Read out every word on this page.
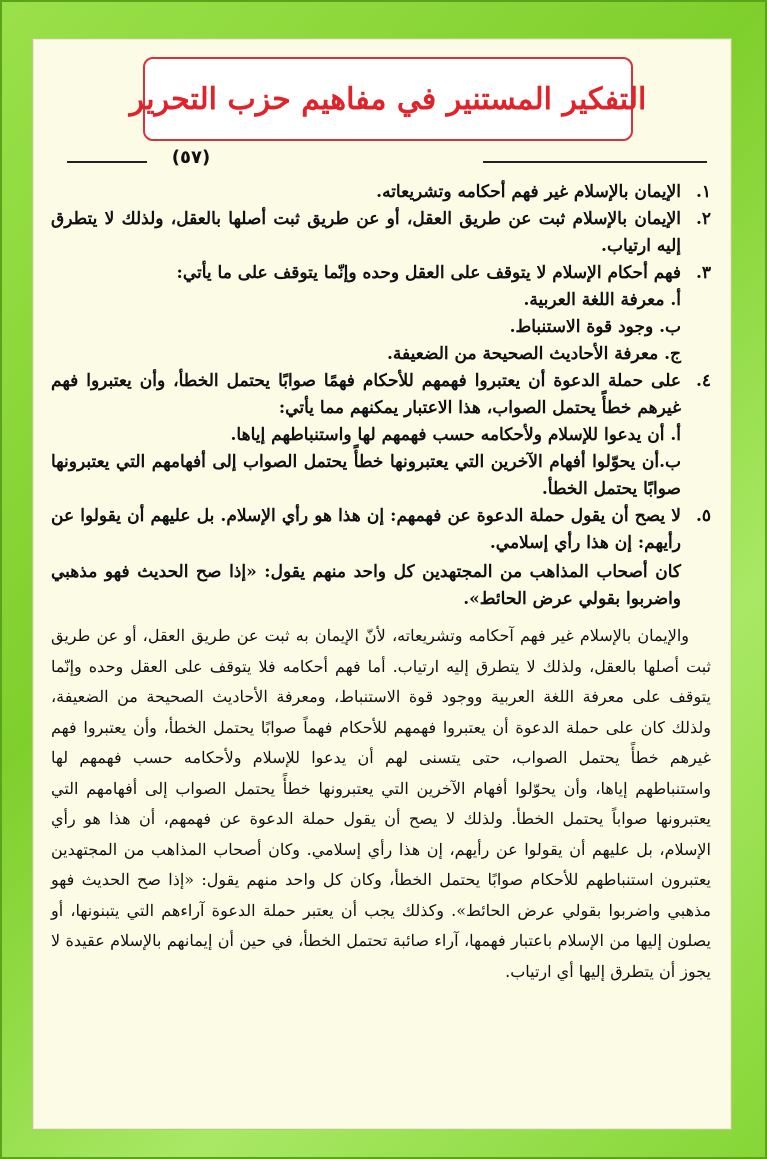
التفكير المستنير في مفاهيم حزب التحرير
(٥٧)
١.
الإيمان بالإسلام غير فهم أحكامه وتشريعاته.
٢.
الإيمان بالإسلام ثبت عن طريق العقل، أو عن طريق ثبت أصلها بالعقل، ولذلك لا يتطرق إليه ارتياب.
٣.
فهم أحكام الإسلام لا يتوقف على العقل وحده وإنّما يتوقف على ما يأتي:
أ. معرفة اللغة العربية.
ب. وجود قوة الاستنباط.
ج. معرفة الأحاديث الصحيحة من الضعيفة.
٤.
على حملة الدعوة أن يعتبروا فهمهم للأحكام فهمًا صوابًا يحتمل الخطأ، وأن يعتبروا فهم غيرهم خطأً يحتمل الصواب، هذا الاعتبار يمكنهم مما يأتي:
أ. أن يدعوا للإسلام ولأحكامه حسب فهمهم لها واستنباطهم إياها.
ب.أن يحوّلوا أفهام الآخرين التي يعتبرونها خطأً يحتمل الصواب إلى أفهامهم التي يعتبرونها صوابًا يحتمل الخطأ.
٥.
لا يصح أن يقول حملة الدعوة عن فهمهم: إن هذا هو رأي الإسلام. بل عليهم أن يقولوا عن رأيهم: إن هذا رأي إسلامي.

كان أصحاب المذاهب من المجتهدين كل واحد منهم يقول: «إذا صح الحديث فهو مذهبي واضربوا بقولي عرض الحائط».

والإيمان بالإسلام غير فهم آحكامه وتشريعاته، لأنّ الإيمان به ثبت عن طريق العقل، أو عن طريق ثبت أصلها بالعقل، ولذلك لا يتطرق إليه ارتياب. أما فهم أحكامه فلا يتوقف على العقل وحده وإنّما يتوقف على معرفة اللغة العربية ووجود قوة الاستنباط، ومعرفة الأحاديث الصحيحة من الضعيفة، ولذلك كان على حملة الدعوة أن يعتبروا فهمهم للأحكام فهماً صوابًا يحتمل الخطأ، وأن يعتبروا فهم غيرهم خطأً يحتمل الصواب، حتى يتسنى لهم أن يدعوا للإسلام ولأحكامه حسب فهمهم لها واستنباطهم إياها، وأن يحوّلوا أفهام الآخرين التي يعتبرونها خطأً يحتمل الصواب إلى أفهامهم التي يعتبرونها صواباً يحتمل الخطأ. ولذلك لا يصح أن يقول حملة الدعوة عن فهمهم، أن هذا هو رأي الإسلام، بل عليهم أن يقولوا عن رأيهم، إن هذا رأي إسلامي. وكان أصحاب المذاهب من المجتهدين يعتبرون استنباطهم للأحكام صوابًا يحتمل الخطأ، وكان كل واحد منهم يقول: «إذا صح الحديث فهو مذهبي واضربوا بقولي عرض الحائط». وكذلك يجب أن يعتبر حملة الدعوة آراءهم التي يتبنونها، أو يصلون إليها من الإسلام باعتبار فهمها، آراء صائبة تحتمل الخطأ، في حين أن إيمانهم بالإسلام عقيدة لا يجوز أن يتطرق إليها أي ارتياب.
